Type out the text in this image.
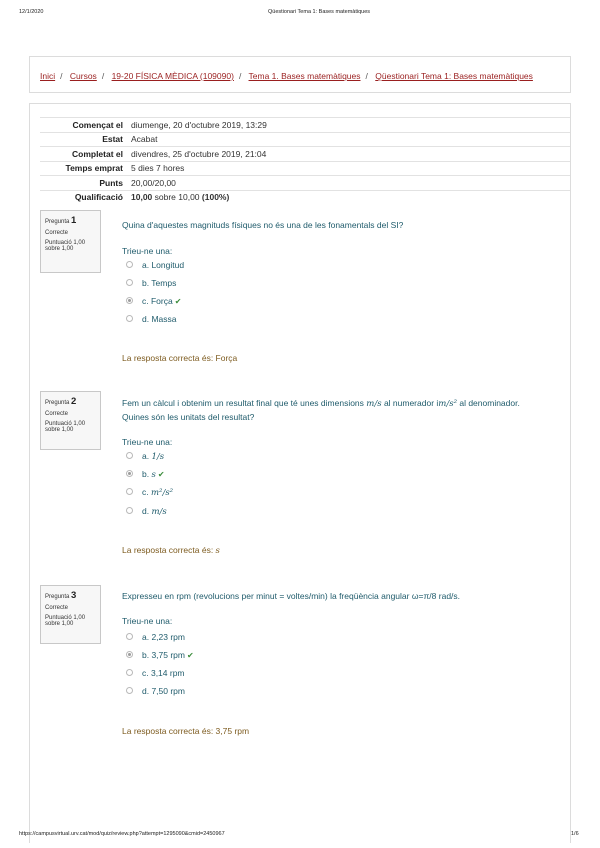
12/1/2020	Qüestionari Tema 1: Bases matemàtiques
Inici / Cursos / 19-20 FÍSICA MÈDICA (109090) / Tema 1. Bases matemàtiques / Qüestionari Tema 1: Bases matemàtiques
Començat el	diumenge, 20 d'octubre 2019, 13:29
Estat	Acabat
Completat el	divendres, 25 d'octubre 2019, 21:04
Temps emprat	5 dies 7 hores
Punts	20,00/20,00
Qualificació	10,00 sobre 10,00 (100%)
Pregunta 1
Correcte
Puntuació 1,00 sobre 1,00
Quina d'aquestes magnituds físiques no és una de les fonamentals del SI?
Trieu-ne una:
a. Longitud
b. Temps
c. Força ✔
d. Massa
La resposta correcta és: Força
Pregunta 2
Correcte
Puntuació 1,00 sobre 1,00
Fem un càlcul i obtenim un resultat final que té unes dimensions m/s al numerador im/s² al denominador.
Quines són les unitats del resultat?
Trieu-ne una:
a. 1/s
b. s ✔
c. m²/s²
d. m/s
La resposta correcta és: s
Pregunta 3
Correcte
Puntuació 1,00 sobre 1,00
Expresseu en rpm (revolucions per minut = voltes/min) la freqüència angular ω=π/8 rad/s.
Trieu-ne una:
a. 2,23 rpm
b. 3,75 rpm ✔
c. 3,14 rpm
d. 7,50 rpm
La resposta correcta és: 3,75 rpm
https://campusvirtual.urv.cat/mod/quiz/review.php?attempt=1295090&cmid=2450967	1/6
